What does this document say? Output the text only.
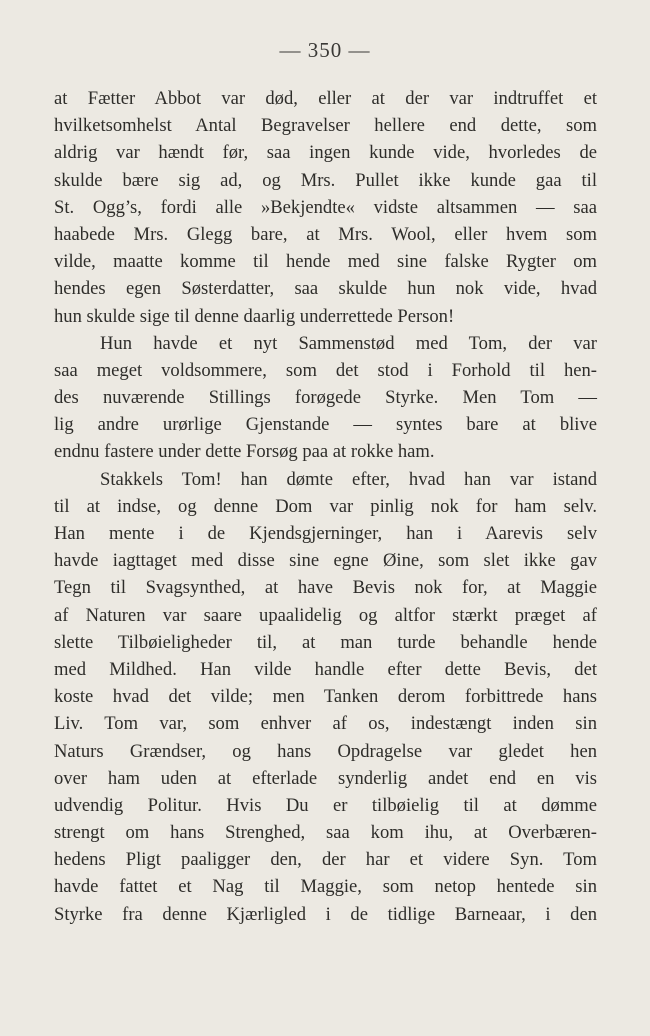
— 350 —
at Fætter Abbot var død, eller at der var indtruffet et
hvilketsomhelst Antal Begravelser hellere end dette, som
aldrig var hændt før, saa ingen kunde vide, hvorledes de
skulde bære sig ad, og Mrs. Pullet ikke kunde gaa til
St. Ogg’s, fordi alle »Bekjendte« vidste altsammen — saa
haabede Mrs. Glegg bare, at Mrs. Wool, eller hvem som
vilde, maatte komme til hende med sine falske Rygter om
hendes egen Søsterdatter, saa skulde hun nok vide, hvad
hun skulde sige til denne daarlig underrettede Person!
Hun havde et nyt Sammenstød med Tom, der var
saa meget voldsommere, som det stod i Forhold til hen-
des nuværende Stillings forøgede Styrke. Men Tom —
lig andre urørlige Gjenstande — syntes bare at blive
endnu fastere under dette Forsøg paa at rokke ham.
Stakkels Tom! han dømte efter, hvad han var istand
til at indse, og denne Dom var pinlig nok for ham selv.
Han mente i de Kjendsgjerninger, han i Aarevis selv
havde iagttaget med disse sine egne Øine, som slet ikke gav
Tegn til Svagsynthed, at have Bevis nok for, at Maggie
af Naturen var saare upaalidelig og altfor stærkt præget af
slette Tilbøieligheder til, at man turde behandle hende
med Mildhed. Han vilde handle efter dette Bevis, det
koste hvad det vilde; men Tanken derom forbittrede hans
Liv. Tom var, som enhver af os, indestængt inden sin
Naturs Grændser, og hans Opdragelse var gledet hen
over ham uden at efterlade synderlig andet end en vis
udvendig Politur. Hvis Du er tilbøielig til at dømme
strengt om hans Strenghed, saa kom ihu, at Overbæren-
hedens Pligt paaligger den, der har et videre Syn. Tom
havde fattet et Nag til Maggie, som netop hentede sin
Styrke fra denne Kjærligled i de tidlige Barneaar, i den
